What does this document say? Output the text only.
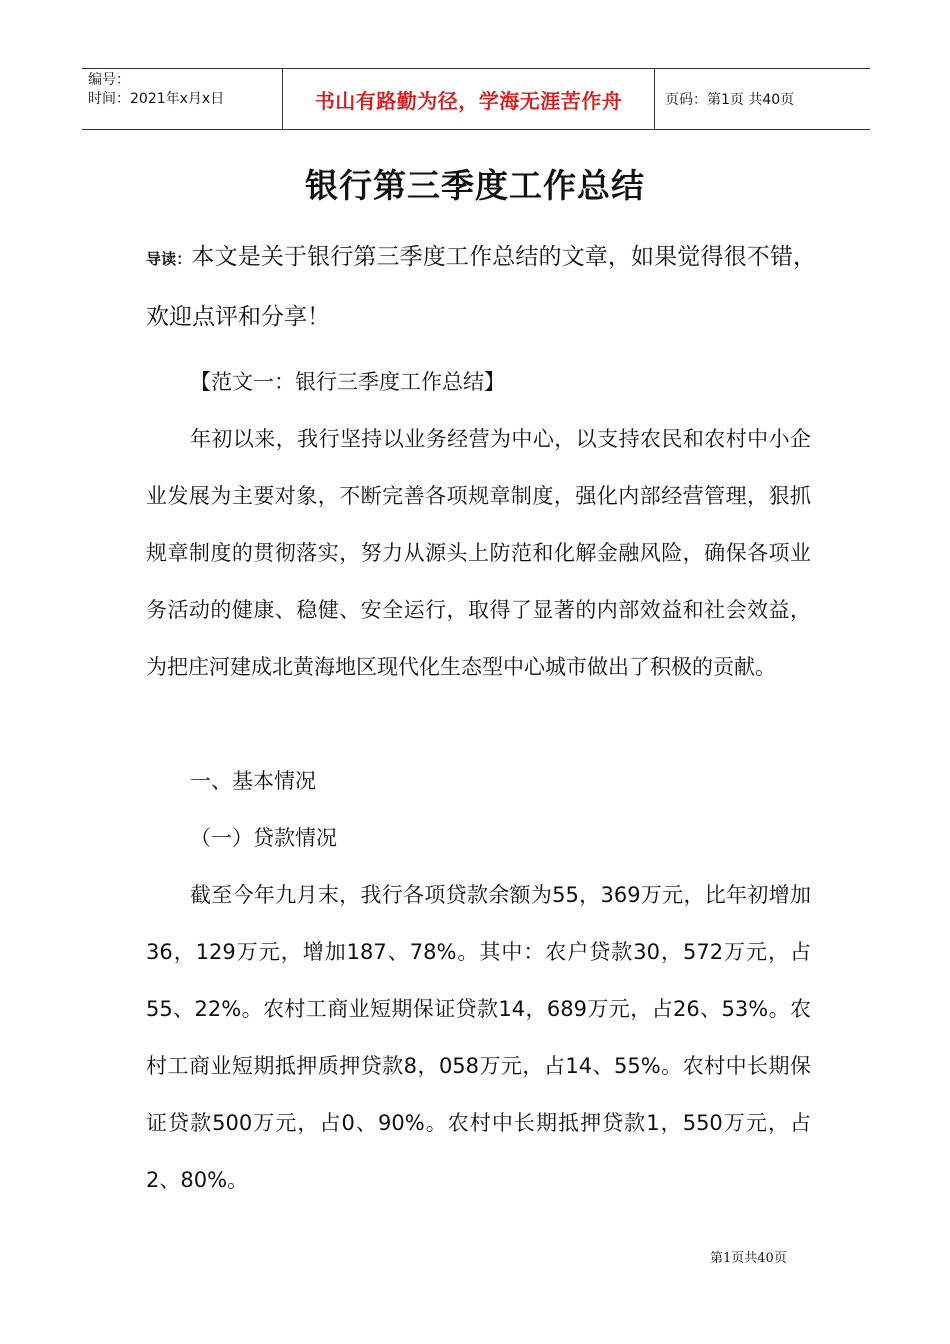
编号：
时间：2021年x月x日	书山有路勤为径，学海无涯苦作舟	页码：第1页 共40页
银行第三季度工作总结
导读：本文是关于银行第三季度工作总结的文章，如果觉得很不错，欢迎点评和分享！

【范文一：银行三季度工作总结】

年初以来，我行坚持以业务经营为中心，以支持农民和农村中小企业发展为主要对象，不断完善各项规章制度，强化内部经营管理，狠抓规章制度的贯彻落实，努力从源头上防范和化解金融风险，确保各项业务活动的健康、稳健、安全运行，取得了显著的内部效益和社会效益，为把庄河建成北黄海地区现代化生态型中心城市做出了积极的贡献。

一、基本情况

（一）贷款情况

截至今年九月末，我行各项贷款余额为55，369万元，比年初增加36，129万元，增加187、78%。其中：农户贷款30，572万元，占55、22%。农村工商业短期保证贷款14，689万元，占26、53%。农村工商业短期抵押质押贷款8，058万元，占14、55%。农村中长期保证贷款500万元，占0、90%。农村中长期抵押贷款1，550万元，占2、80%。

第1页共40页
